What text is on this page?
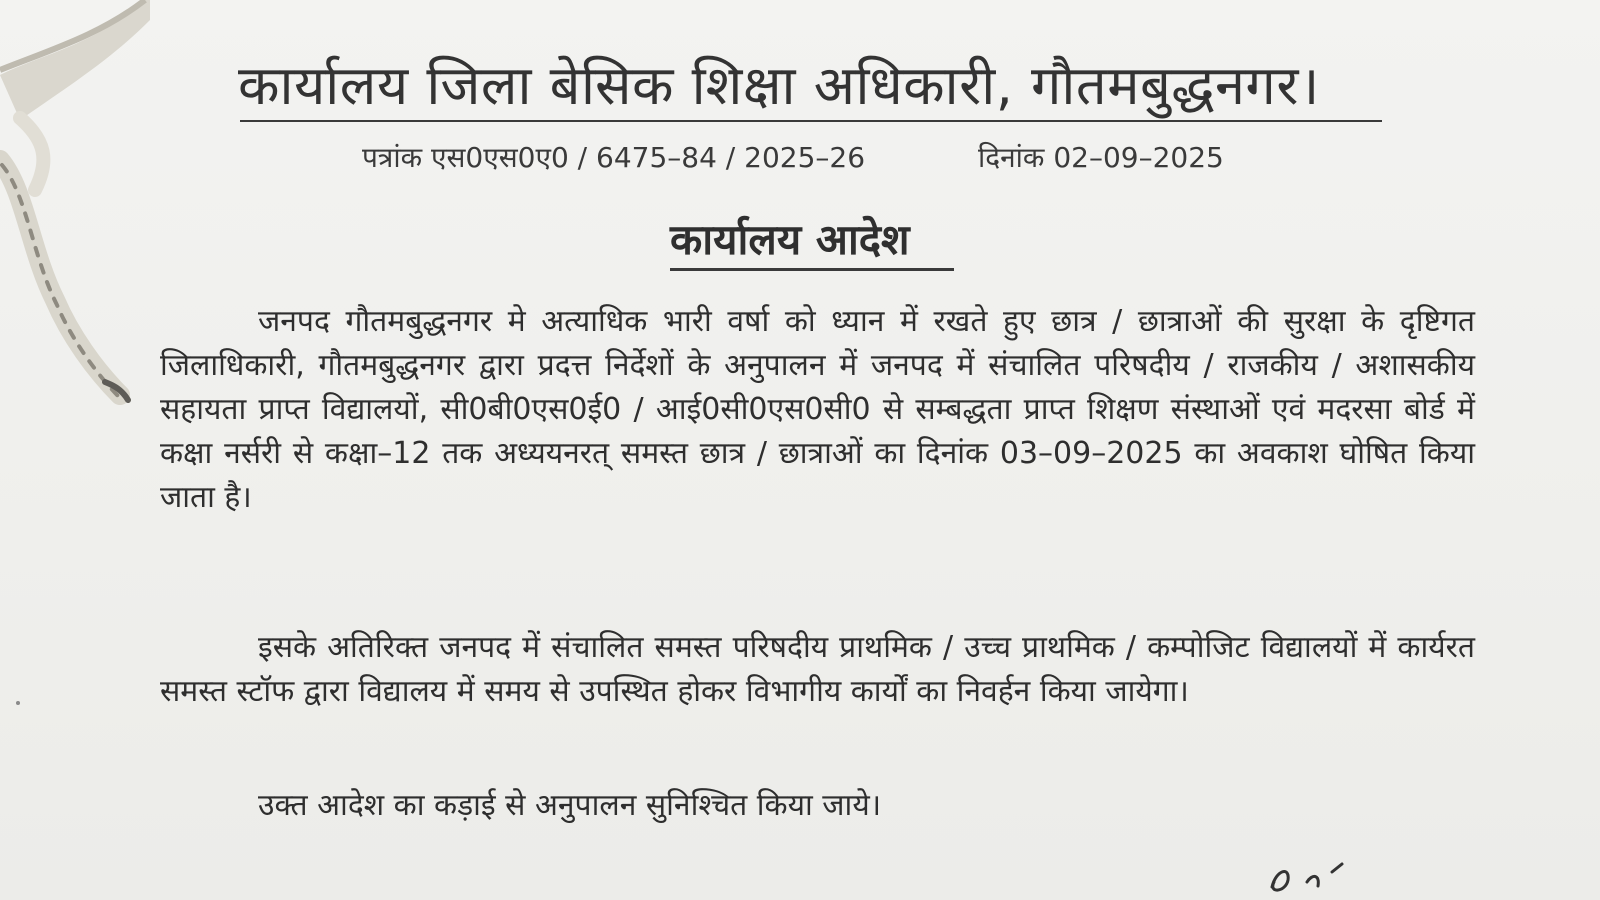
कार्यालय जिला बेसिक शिक्षा अधिकारी, गौतमबुद्धनगर।
पत्रांक एस0एस0ए0 / 6475–84 / 2025–26	दिनांक 02–09–2025
कार्यालय आदेश

जनपद गौतमबुद्धनगर मे अत्याधिक भारी वर्षा को ध्यान में रखते हुए छात्र / छात्राओं की सुरक्षा के दृष्टिगत जिलाधिकारी, गौतमबुद्धनगर द्वारा प्रदत्त निर्देशों के अनुपालन में जनपद में संचालित परिषदीय / राजकीय / अशासकीय सहायता प्राप्त विद्यालयों, सी0बी0एस0ई0 / आई0सी0एस0सी0 से सम्बद्धता प्राप्त शिक्षण संस्थाओं एवं मदरसा बोर्ड में कक्षा नर्सरी से कक्षा–12 तक अध्ययनरत् समस्त छात्र / छात्राओं का दिनांक 03–09–2025 का अवकाश घोषित किया जाता है।

इसके अतिरिक्त जनपद में संचालित समस्त परिषदीय प्राथमिक / उच्च प्राथमिक / कम्पोजिट विद्यालयों में कार्यरत समस्त स्टॉफ द्वारा विद्यालय में समय से उपस्थित होकर विभागीय कार्यों का निवर्हन किया जायेगा।

उक्त आदेश का कड़ाई से अनुपालन सुनिश्चित किया जाये।
